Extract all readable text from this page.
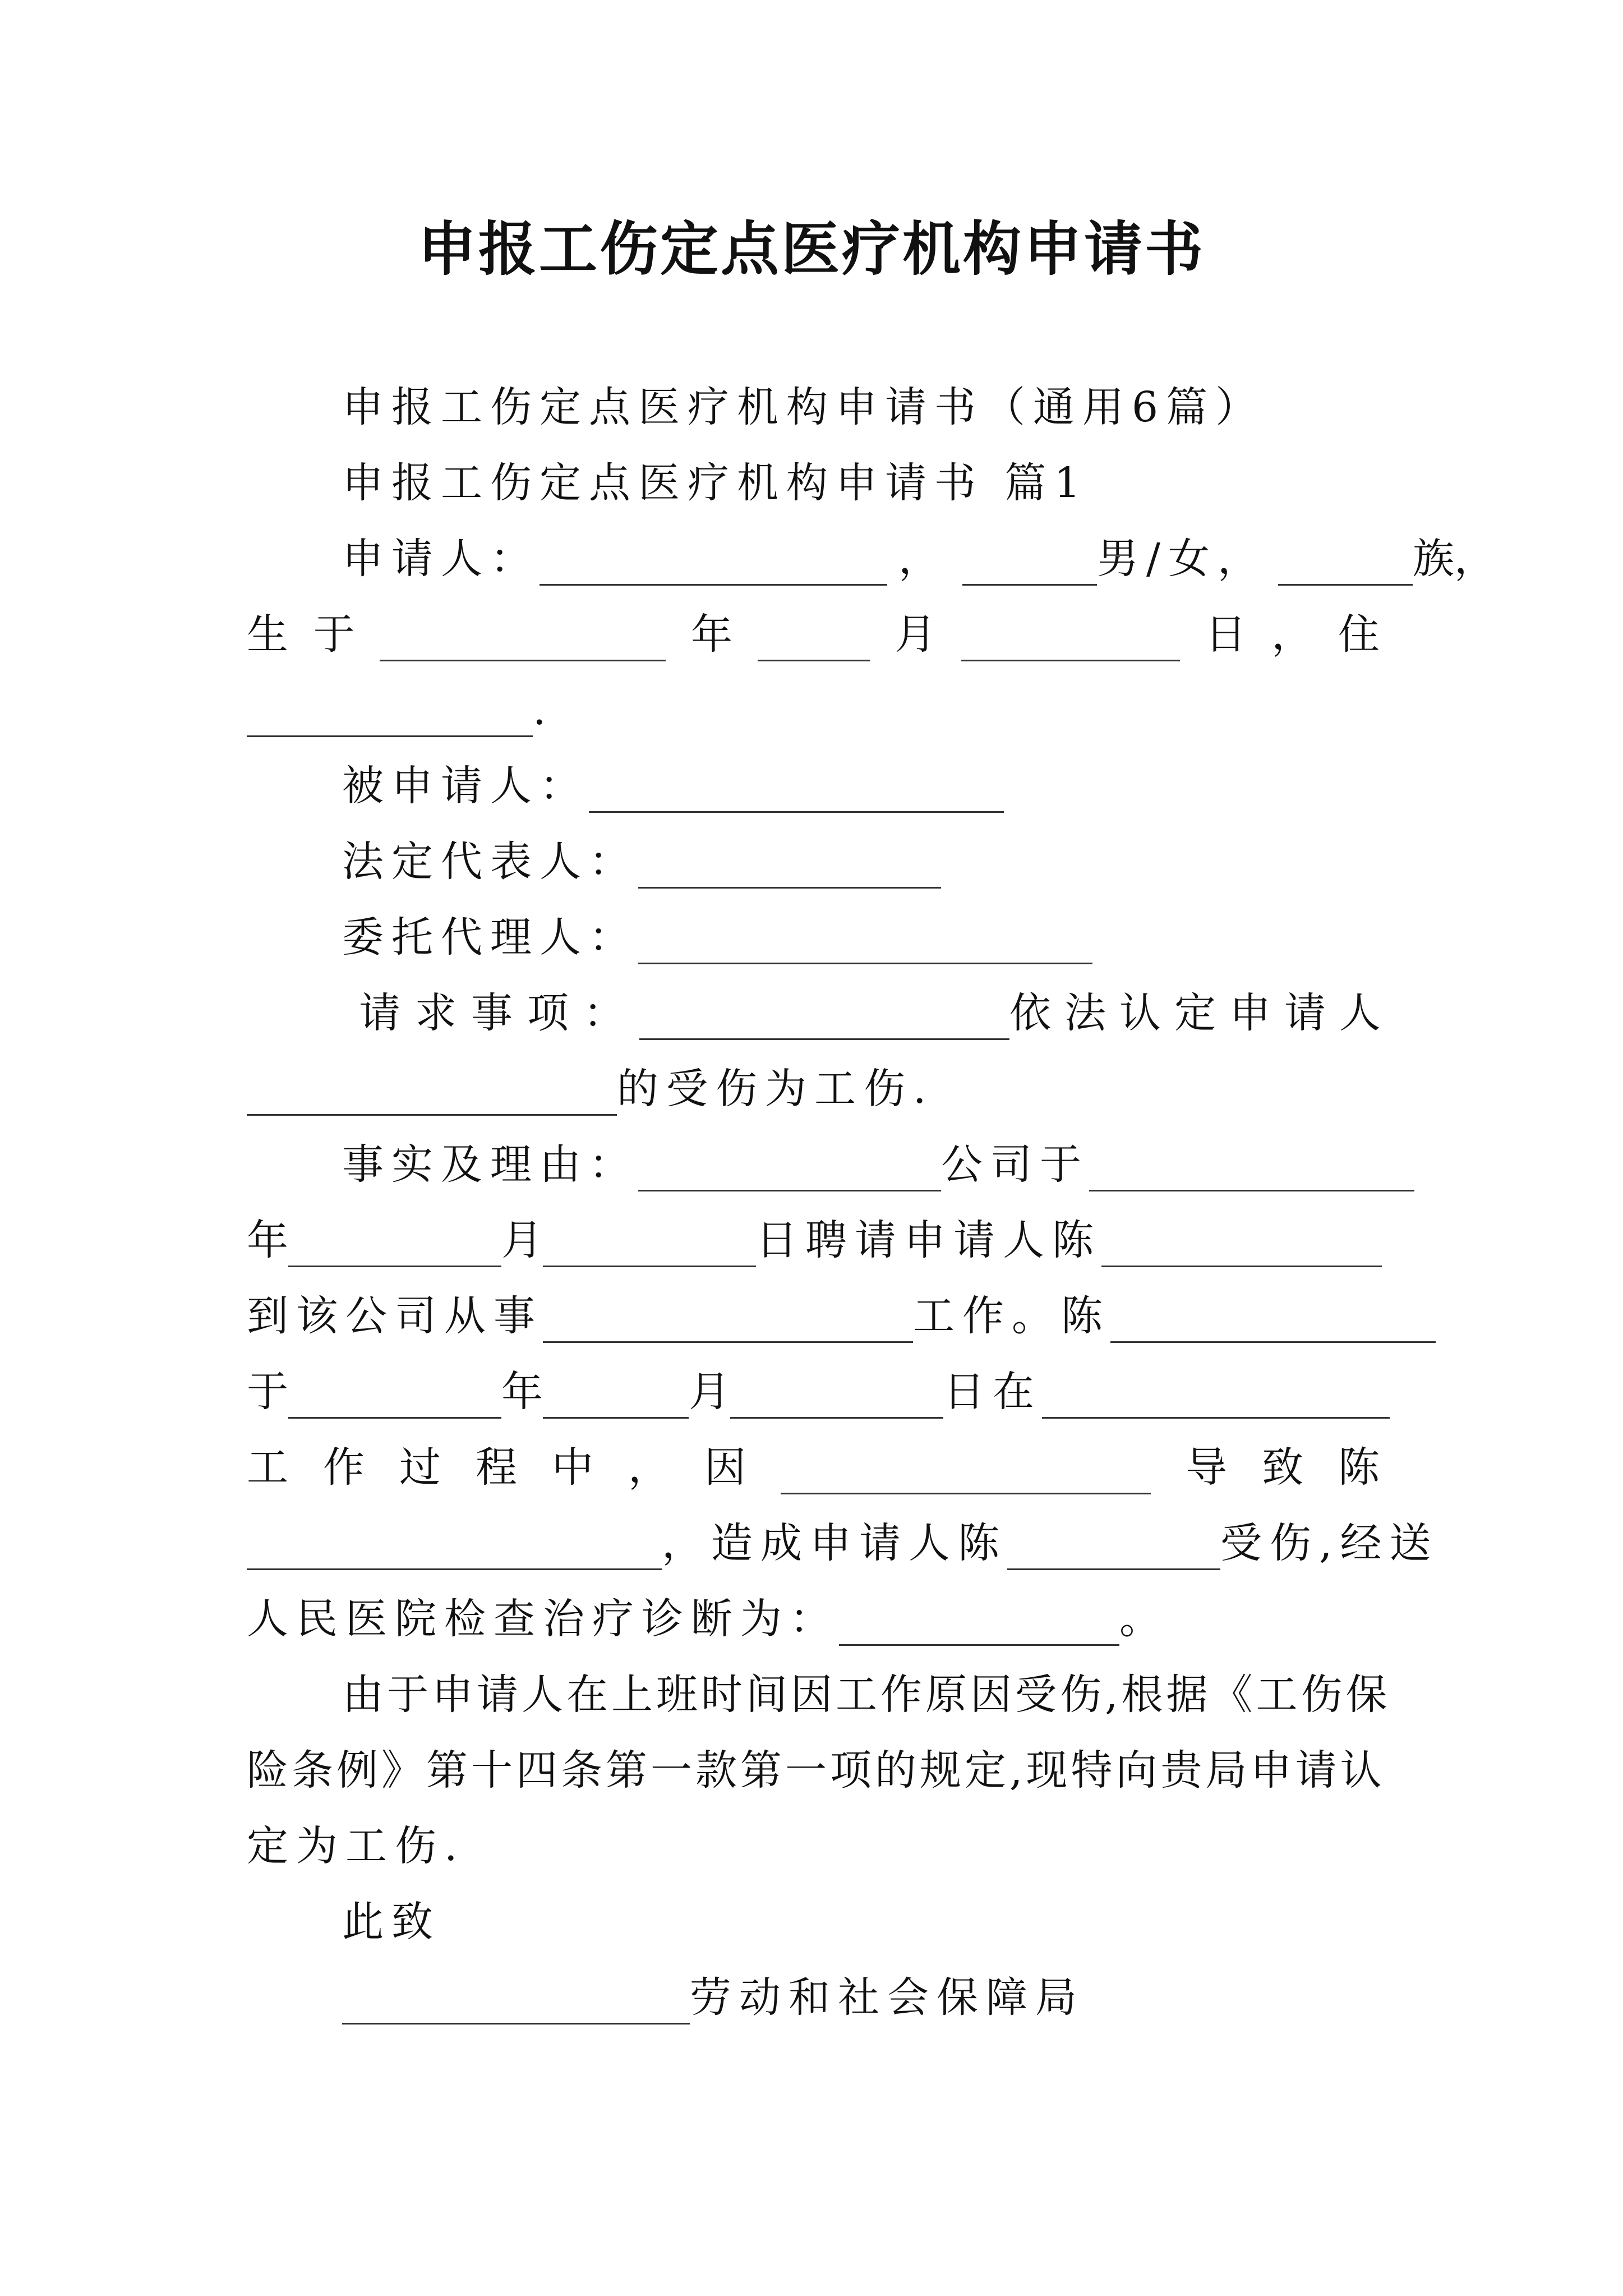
申报工伤定点医疗机构申请书
申报工伤定点医疗机构申请书（通用6篇）
申报工伤定点医疗机构申请书 篇1
申请人：	，	男/女，	族，
生 于	年	月	日 ， 住
.
被申请人：
法定代表人：
委托代理人：
请求事项：	依法认定申请人
的受伤为工伤.
事实及理由：	公司于
年	月	日聘请申请人陈
到该公司从事	工作。陈
于	年	月	日在
工 作 过 程 中 ， 因	导 致 陈
，造成申请人陈	受伤,经送
人民医院检查治疗诊断为：	。
由于申请人在上班时间因工作原因受伤,根据《工伤保
险条例》第十四条第一款第一项的规定,现特向贵局申请认
定为工伤.
此致
劳动和社会保障局
